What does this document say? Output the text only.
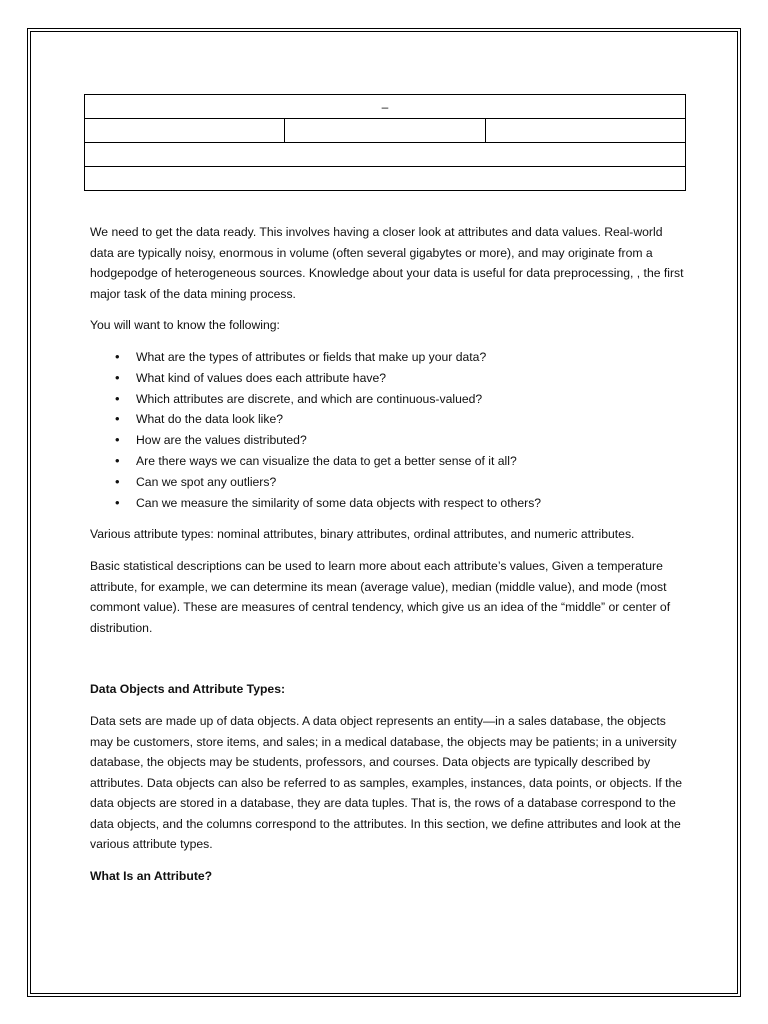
–

We need to get the data ready. This involves having a closer look at attributes and data values. Real-world data are typically noisy, enormous in volume (often several gigabytes or more), and may originate from a hodgepodge of heterogeneous sources. Knowledge about your data is useful for data preprocessing, , the first major task of the data mining process.

You will want to know the following:

• What are the types of attributes or fields that make up your data?
• What kind of values does each attribute have?
• Which attributes are discrete, and which are continuous-valued?
• What do the data look like?
• How are the values distributed?
• Are there ways we can visualize the data to get a better sense of it all?
• Can we spot any outliers?
• Can we measure the similarity of some data objects with respect to others?

Various attribute types: nominal attributes, binary attributes, ordinal attributes, and numeric attributes.

Basic statistical descriptions can be used to learn more about each attribute’s values, Given a temperature attribute, for example, we can determine its mean (average value), median (middle value), and mode (most commont value). These are measures of central tendency, which give us an idea of the “middle” or center of distribution.

Data Objects and Attribute Types:

Data sets are made up of data objects. A data object represents an entity—in a sales database, the objects may be customers, store items, and sales; in a medical database, the objects may be patients; in a university database, the objects may be students, professors, and courses. Data objects are typically described by attributes. Data objects can also be referred to as samples, examples, instances, data points, or objects. If the data objects are stored in a database, they are data tuples. That is, the rows of a database correspond to the data objects, and the columns correspond to the attributes. In this section, we define attributes and look at the various attribute types.

What Is an Attribute?
